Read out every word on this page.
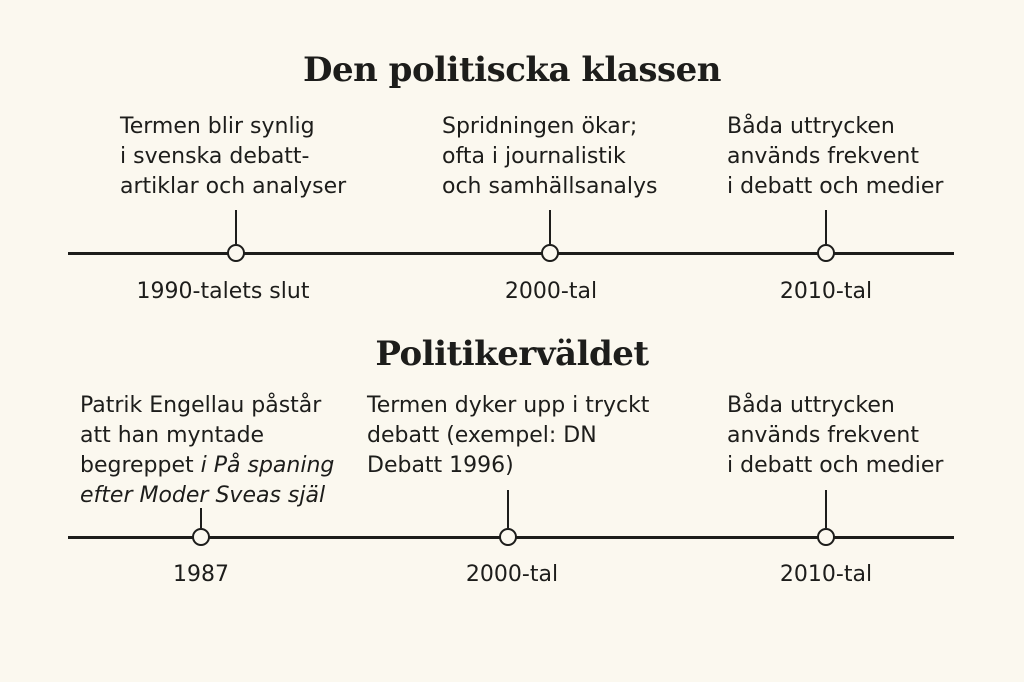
Den politiscka klassen

Termen blir synlig
i svenska debatt-
artiklar och analyser

Spridningen ökar;
ofta i journalistik
och samhällsanalys

Båda uttrycken
används frekvent
i debatt och medier

1990-talets slut	2000-tal	2010-tal

Politikerväldet

Patrik Engellau påstår
att han myntade
begreppet i På spaning
efter Moder Sveas själ

Termen dyker upp i tryckt
debatt (exempel: DN
Debatt 1996)

Båda uttrycken
används frekvent
i debatt och medier

1987	2000-tal	2010-tal
